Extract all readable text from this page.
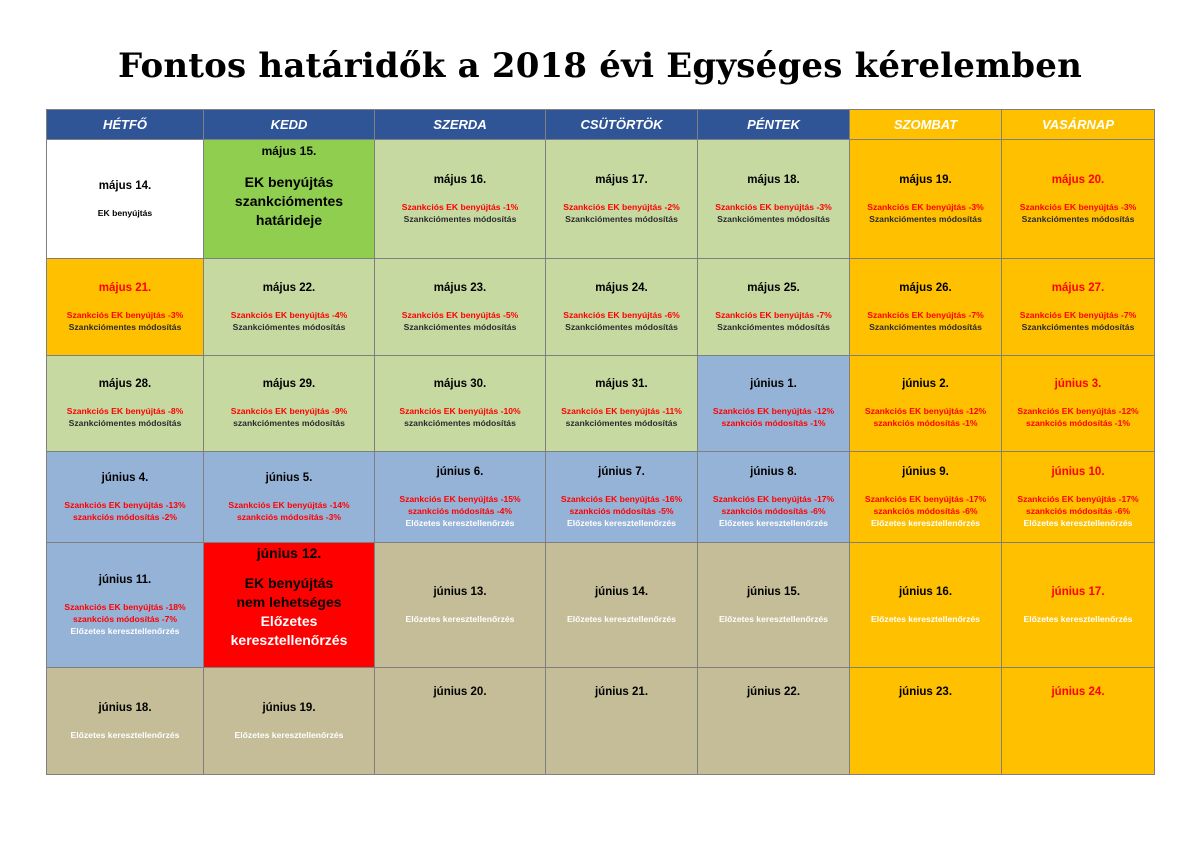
Fontos határidők a 2018 évi Egységes kérelemben
HÉTFŐ	KEDD	SZERDA	CSÜTÖRTÖK	PÉNTEK	SZOMBAT	VASÁRNAP

május 14.
EK benyújtás	május 15.
EK benyújtás
szankciómentes
határideje	május 16.
Szankciós EK benyújtás -1%
Szankciómentes módosítás	május 17.
Szankciós EK benyújtás -2%
Szankciómentes módosítás	május 18.
Szankciós EK benyújtás -3%
Szankciómentes módosítás	május 19.
Szankciós EK benyújtás -3%
Szankciómentes módosítás	május 20.
Szankciós EK benyújtás -3%
Szankciómentes módosítás

május 21.
Szankciós EK benyújtás -3%
Szankciómentes módosítás	május 22.
Szankciós EK benyújtás -4%
Szankciómentes módosítás	május 23.
Szankciós EK benyújtás -5%
Szankciómentes módosítás	május 24.
Szankciós EK benyújtás -6%
Szankciómentes módosítás	május 25.
Szankciós EK benyújtás -7%
Szankciómentes módosítás	május 26.
Szankciós EK benyújtás -7%
Szankciómentes módosítás	május 27.
Szankciós EK benyújtás -7%
Szankciómentes módosítás

május 28.
Szankciós EK benyújtás -8%
Szankciómentes módosítás	május 29.
Szankciós EK benyújtás -9%
szankciómentes módosítás	május 30.
Szankciós EK benyújtás -10%
szankciómentes módosítás	május 31.
Szankciós EK benyújtás -11%
szankciómentes módosítás	június 1.
Szankciós EK benyújtás -12%
szankciós módosítás -1%	június 2.
Szankciós EK benyújtás -12%
szankciós módosítás -1%	június 3.
Szankciós EK benyújtás -12%
szankciós módosítás -1%

június 4.
Szankciós EK benyújtás -13%
szankciós módosítás -2%	június 5.
Szankciós EK benyújtás -14%
szankciós módosítás -3%	június 6.
Szankciós EK benyújtás -15%
szankciós módosítás -4%
Előzetes keresztellenőrzés	június 7.
Szankciós EK benyújtás -16%
szankciós módosítás -5%
Előzetes keresztellenőrzés	június 8.
Szankciós EK benyújtás -17%
szankciós módosítás -6%
Előzetes keresztellenőrzés	június 9.
Szankciós EK benyújtás -17%
szankciós módosítás -6%
Előzetes keresztellenőrzés	június 10.
Szankciós EK benyújtás -17%
szankciós módosítás -6%
Előzetes keresztellenőrzés

június 11.
Szankciós EK benyújtás -18%
szankciós módosítás -7%
Előzetes keresztellenőrzés	június 12.
EK benyújtás
nem lehetséges
Előzetes
keresztellenőrzés	június 13.
Előzetes keresztellenőrzés	június 14.
Előzetes keresztellenőrzés	június 15.
Előzetes keresztellenőrzés	június 16.
Előzetes keresztellenőrzés	június 17.
Előzetes keresztellenőrzés

június 18.
Előzetes keresztellenőrzés	június 19.
Előzetes keresztellenőrzés	június 20.	június 21.	június 22.	június 23.	június 24.
